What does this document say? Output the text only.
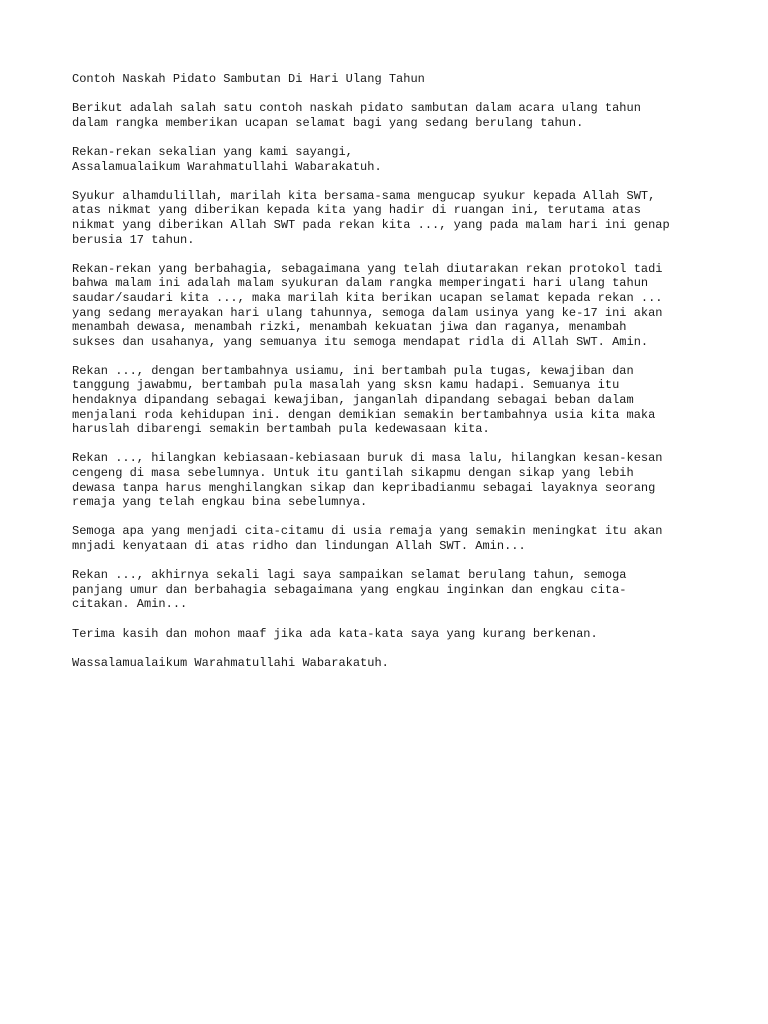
Contoh Naskah Pidato Sambutan Di Hari Ulang Tahun

Berikut adalah salah satu contoh naskah pidato sambutan dalam acara ulang tahun
dalam rangka memberikan ucapan selamat bagi yang sedang berulang tahun.

Rekan-rekan sekalian yang kami sayangi,
Assalamualaikum Warahmatullahi Wabarakatuh.

Syukur alhamdulillah, marilah kita bersama-sama mengucap syukur kepada Allah SWT,
atas nikmat yang diberikan kepada kita yang hadir di ruangan ini, terutama atas
nikmat yang diberikan Allah SWT pada rekan kita ..., yang pada malam hari ini genap
berusia 17 tahun.

Rekan-rekan yang berbahagia, sebagaimana yang telah diutarakan rekan protokol tadi
bahwa malam ini adalah malam syukuran dalam rangka memperingati hari ulang tahun
saudar/saudari kita ..., maka marilah kita berikan ucapan selamat kepada rekan ...
yang sedang merayakan hari ulang tahunnya, semoga dalam usinya yang ke-17 ini akan
menambah dewasa, menambah rizki, menambah kekuatan jiwa dan raganya, menambah
sukses dan usahanya, yang semuanya itu semoga mendapat ridla di Allah SWT. Amin.

Rekan ..., dengan bertambahnya usiamu, ini bertambah pula tugas, kewajiban dan
tanggung jawabmu, bertambah pula masalah yang sksn kamu hadapi. Semuanya itu
hendaknya dipandang sebagai kewajiban, janganlah dipandang sebagai beban dalam
menjalani roda kehidupan ini. dengan demikian semakin bertambahnya usia kita maka
haruslah dibarengi semakin bertambah pula kedewasaan kita.

Rekan ..., hilangkan kebiasaan-kebiasaan buruk di masa lalu, hilangkan kesan-kesan
cengeng di masa sebelumnya. Untuk itu gantilah sikapmu dengan sikap yang lebih
dewasa tanpa harus menghilangkan sikap dan kepribadianmu sebagai layaknya seorang
remaja yang telah engkau bina sebelumnya.

Semoga apa yang menjadi cita-citamu di usia remaja yang semakin meningkat itu akan
mnjadi kenyataan di atas ridho dan lindungan Allah SWT. Amin...

Rekan ..., akhirnya sekali lagi saya sampaikan selamat berulang tahun, semoga
panjang umur dan berbahagia sebagaimana yang engkau inginkan dan engkau cita-
citakan. Amin...

Terima kasih dan mohon maaf jika ada kata-kata saya yang kurang berkenan.

Wassalamualaikum Warahmatullahi Wabarakatuh.
